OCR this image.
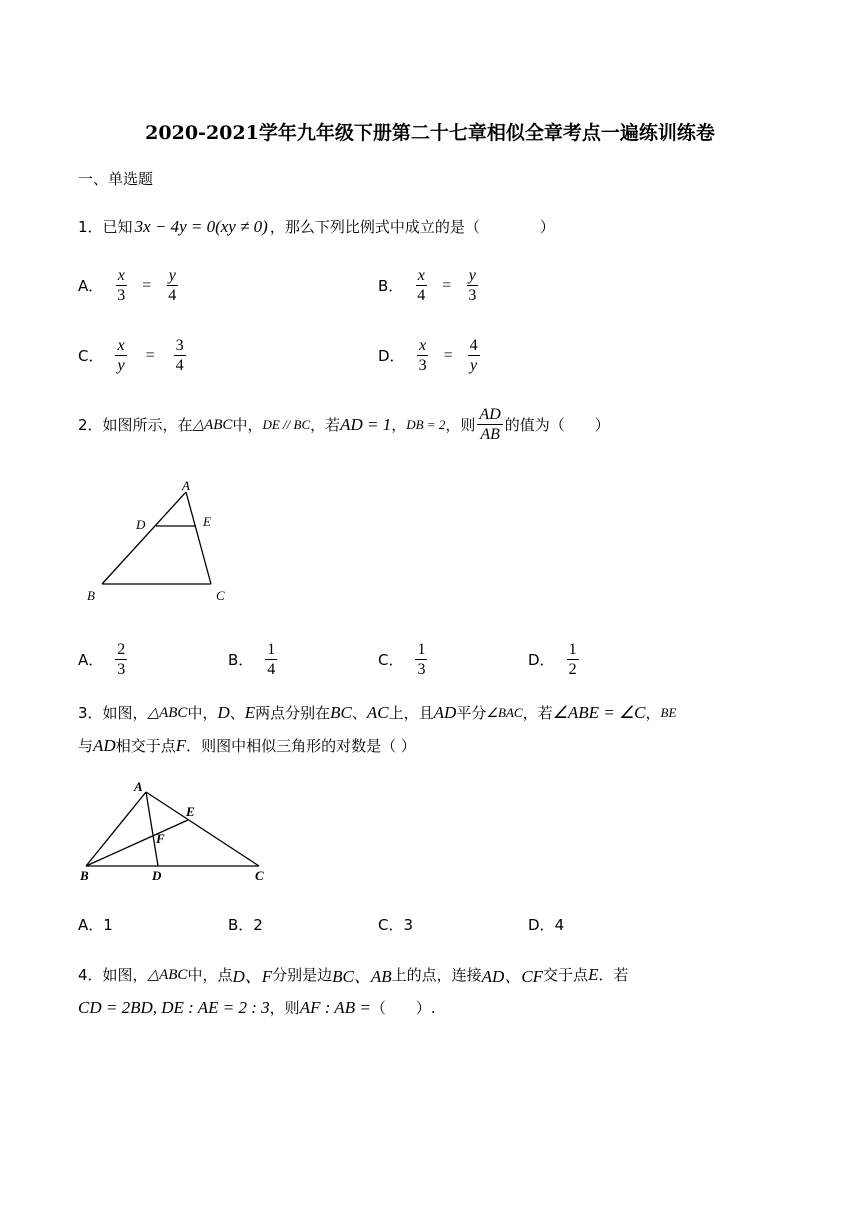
2020-2021学年九年级下册第二十七章相似全章考点一遍练训练卷
一、单选题
1． 已知 3x − 4y = 0(xy ≠ 0) ，那么下列比例式中成立的是（　　　　）
A． $\frac{x}{3} = \frac{y}{4}$	B． $\frac{x}{4} = \frac{y}{3}$
C． $\frac{x}{y} = \frac{3}{4}$	D． $\frac{x}{3} = \frac{4}{y}$
2． 如图所示，在 △ABC 中， DE // BC ，若 AD = 1 ， DB = 2 ，则 $\frac{AD}{AB}$ 的值为（　　）
A
D	E
B	C
A． $\frac{2}{3}$	B． $\frac{1}{4}$	C． $\frac{1}{3}$	D． $\frac{1}{2}$
3． 如图， △ABC 中， D 、 E 两点分别在 BC 、 AC 上，且 AD 平分 ∠BAC ，若 ∠ABE = ∠C ， BE
与 AD 相交于点 F ．则图中相似三角形的对数是（ ）
A
E
F
B	D	C
A．1	B．2	C．3	D．4
4． 如图， △ABC 中，点 D、F 分别是边 BC、AB 上的点，连接 AD、CF 交于点 E ．若
CD = 2BD, DE : AE = 2 : 3 ，则 AF : AB = （　　）.
